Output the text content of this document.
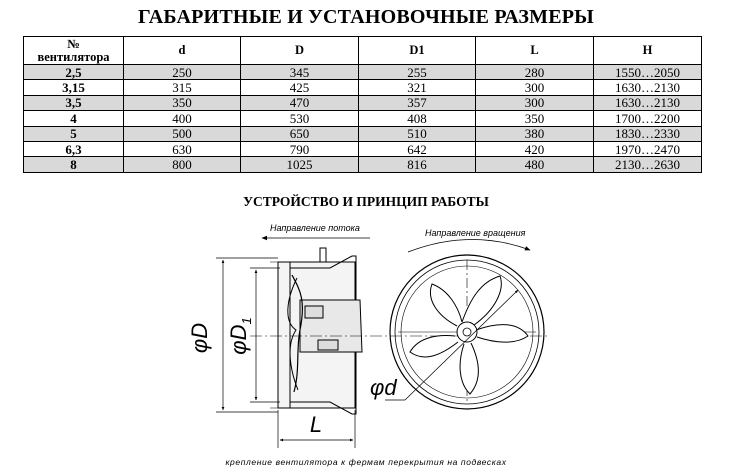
ГАБАРИТНЫЕ И УСТАНОВОЧНЫЕ РАЗМЕРЫ
№
вентилятора	d	D	D1	L	H
2,5	250	345	255	280	1550…2050
3,15	315	425	321	300	1630…2130
3,5	350	470	357	300	1630…2130
4	400	530	408	350	1700…2200
5	500	650	510	380	1830…2330
6,3	630	790	642	420	1970…2470
8	800	1025	816	480	2130…2630
УСТРОЙСТВО И ПРИНЦИП РАБОТЫ
Направление потока
φD $\varphi D_1$
L
Направление вращения
φd
крепление вентилятора к фермам перекрытия на подвесках
